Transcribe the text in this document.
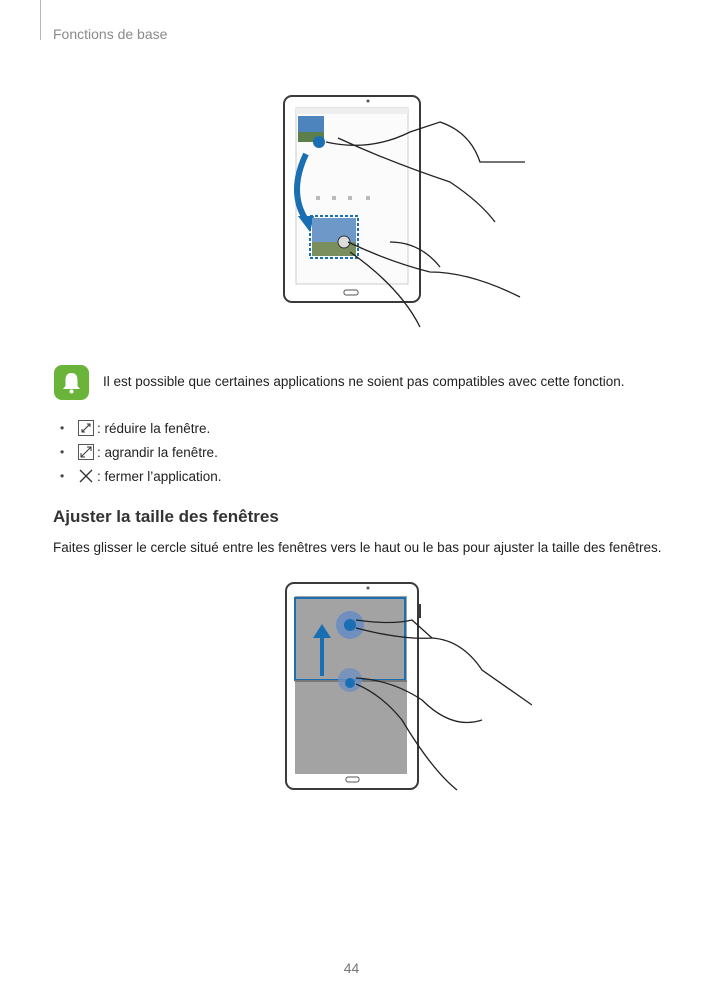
Fonctions de base
Il est possible que certaines applications ne soient pas compatibles avec cette fonction.
•	: réduire la fenêtre.
•	: agrandir la fenêtre.
•	: fermer l’application.
Ajuster la taille des fenêtres
Faites glisser le cercle situé entre les fenêtres vers le haut ou le bas pour ajuster la taille des fenêtres.
44
